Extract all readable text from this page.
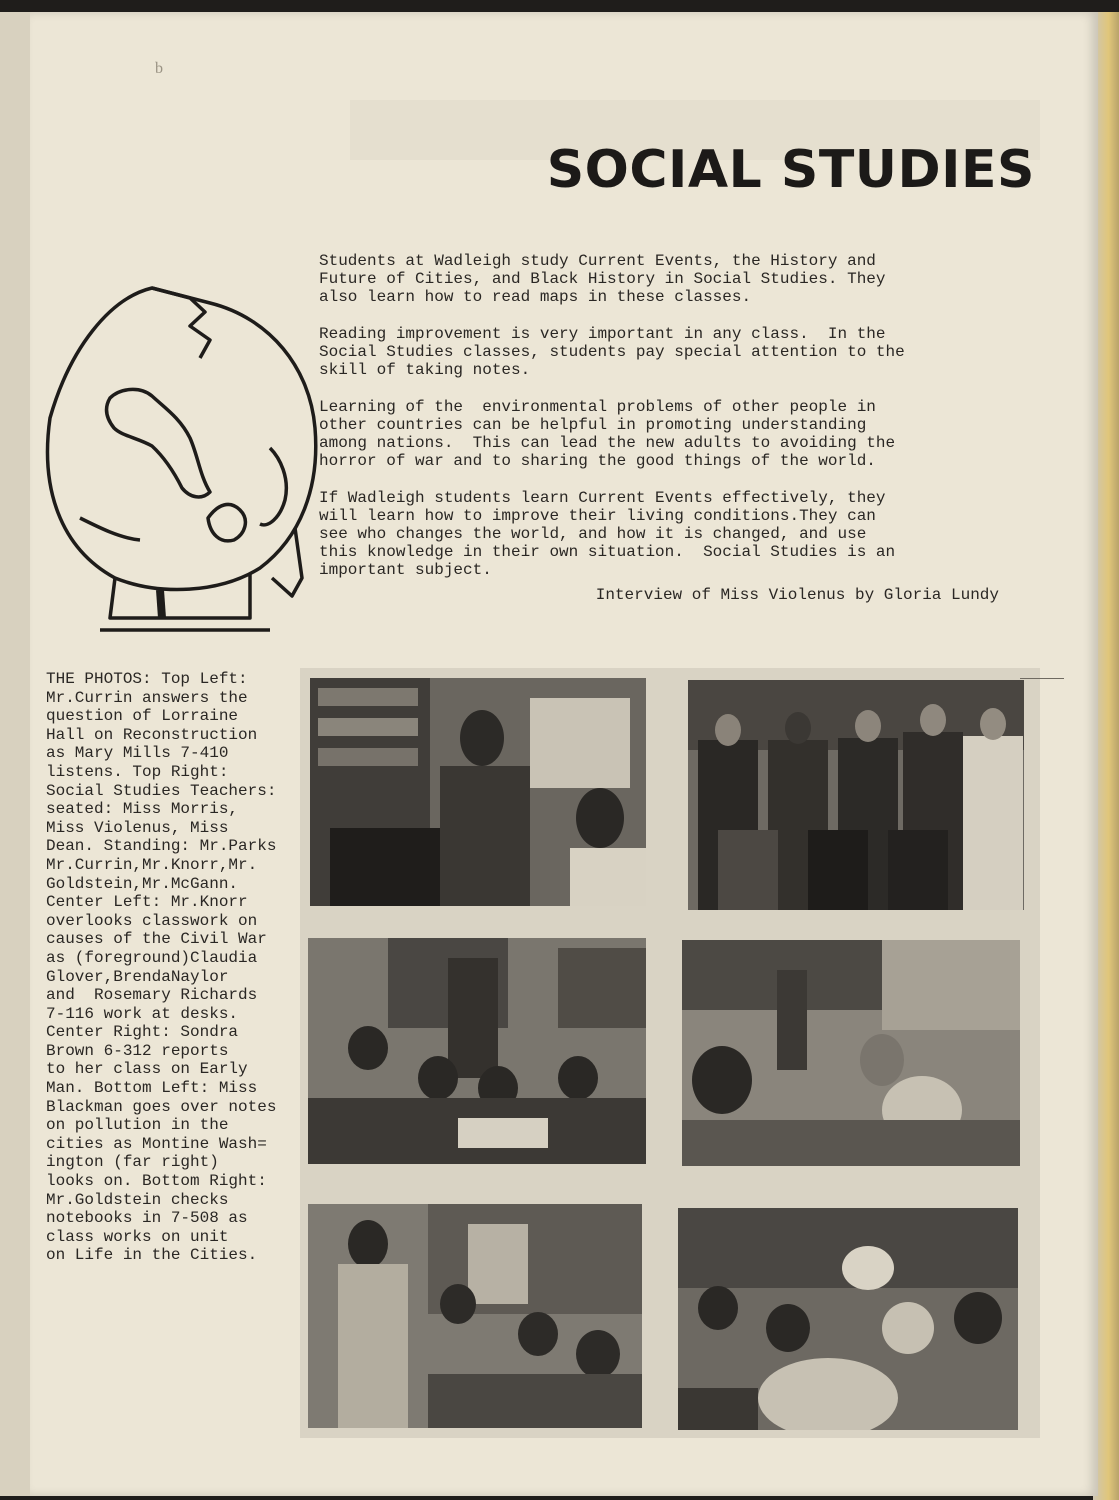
b
SOCIAL STUDIES

Students at Wadleigh study Current Events, the History and
Future of Cities, and Black History in Social Studies. They
also learn how to read maps in these classes.

Reading improvement is very important in any class.  In the
Social Studies classes, students pay special attention to the
skill of taking notes.

Learning of the  environmental problems of other people in
other countries can be helpful in promoting understanding
among nations.  This can lead the new adults to avoiding the
horror of war and to sharing the good things of the world.

If Wadleigh students learn Current Events effectively, they
will learn how to improve their living conditions.They can
see who changes the world, and how it is changed, and use
this knowledge in their own situation.  Social Studies is an
important subject.

Interview of Miss Violenus by Gloria Lundy

THE PHOTOS: Top Left:
Mr.Currin answers the
question of Lorraine
Hall on Reconstruction
as Mary Mills 7-410
listens. Top Right:
Social Studies Teachers:
seated: Miss Morris,
Miss Violenus, Miss
Dean. Standing: Mr.Parks
Mr.Currin,Mr.Knorr,Mr.
Goldstein,Mr.McGann.
Center Left: Mr.Knorr
overlooks classwork on
causes of the Civil War
as (foreground)Claudia
Glover,BrendaNaylor
and  Rosemary Richards
7-116 work at desks.
Center Right: Sondra
Brown 6-312 reports
to her class on Early
Man. Bottom Left: Miss
Blackman goes over notes
on pollution in the
cities as Montine Wash=
ington (far right)
looks on. Bottom Right:
Mr.Goldstein checks
notebooks in 7-508 as
class works on unit
on Life in the Cities.
